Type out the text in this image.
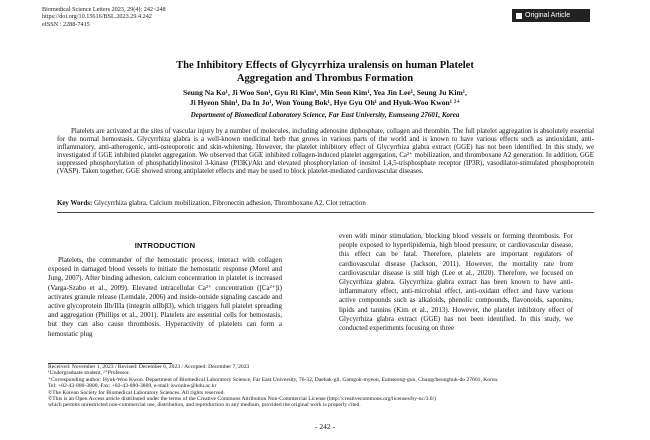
Biomedical Science Letters 2023, 29(4): 242~248
https://doi.org/10.15616/BSL.2023.29.4.242
eISSN : 2288-7415
Original Article
The Inhibitory Effects of Glycyrrhiza uralensis on human Platelet
Aggregation and Thrombus Formation
Seung Na Ko¹, Ji Woo Son¹, Gyu Ri Kim¹, Min Seon Kim¹, Yea Jin Lee¹, Seung Ju Kim¹,
Ji Hyeon Shin¹, Da In Jo¹, Won Young Bok¹, Hye Gyu Oh¹ and Hyuk-Woo Kwon¹ ²⁺
Department of Biomedical Laboratory Science, Far East University, Eumseong 27601, Korea

Platelets are activated at the sites of vascular injury by a number of molecules, including adenosine diphosphate, collagen and thrombin. The full platelet aggregation is absolutely essential for the normal hemostasis. Glycyrrhiza glabra is a well-known medicinal herb that grows in various parts of the world and is known to have various effects such as antioxidant, anti-inflammatory, anti-atherogenic, anti-osteoporotic and skin-whitening. However, the platelet inhibitory effect of Glycyrrhiza glabra extract (GGE) has not been identified. In this study, we investigated if GGE inhibited platelet aggregation. We observed that GGE inhibited collagen-induced platelet aggregation, Ca²⁺ mobilization, and thromboxane A2 generation. In addition, GGE suppressed phosphorylation of phosphatidylinositol 3-kinase (PI3K)/Akt and elevated phosphorylation of inositol 1,4,5-trisphosphate receptor (IP3R), vasodilator-stimulated phosphoprotein (VASP). Taken together, GGE showed strong antiplatelet effects and may be used to block platelet-mediated cardiovascular diseases.

Key Words: Glycyrrhiza glabra, Calcium mobilization, Fibronectin adhesion, Thromboxane A2, Clot retraction

INTRODUCTION

Platelets, the commander of the hemostatic process, interact with collagen exposed in damaged blood vessels to initiate the hemostatic response (Morel and Jung, 2007). After binding adhesion, calcium concentration in platelet is increased (Varga-Szabo et al., 2009). Elevated intracellular Ca²⁺ concentration ([Ca²⁺]i) activates granule release (Lemdale, 2006) and inside-outside signaling cascade and active glycoprotein IIb/IIIa (integrin αIIbβ3), which triggers full platelet spreading and aggregation (Phillips et al., 2001). Platelets are essential cells for hemostasis, but they can also cause thrombosis. Hyperactivity of platelets can form a hemostatic plug

even with minor stimulation, blocking blood vessels or forming thrombosis. For people exposed to hyperlipidemia, high blood pressure, or cardiovascular disease, this effect can be fatal. Therefore, platelets are important regulators of cardiovascular disease (Jackson, 2011). However, the mortality rate from cardiovascular disease is still high (Lee et al., 2020). Therefore, we focused on Glycyrrhiza glabra. Glycyrrhiza glabra extract has been known to have anti-inflammatory effect, anti-microbial effect, anti-oxidant effect and have various active compounds such as alkaloids, phenolic compounds, flavonoids, saponins, lipids and tannins (Kim et al., 2013). However, the platelet inhibitory effect of Glycyrrhiza glabra extract (GGE) has not been identified. In this study, we conducted experiments focusing on three

Received: November 1, 2023 / Revised: December 6, 2023 / Accepted: December 7, 2023
¹Undergraduate student, ²⁺Professor.
⁺Corresponding author: Hyuk-Woo Kwon. Department of Biomedical Laboratory Science, Far East University, 76-32, Daehak-gil, Gamgok-myeon, Eumseong-gun, Chungcheongbuk-do 27601, Korea.
Tel: +82-43-880-3800, Fax: +82-43-880-3809, e-mail: kwonhw@kdu.ac.kr
©The Korean Society for Biomedical Laboratory Sciences. All rights reserved.
©This is an Open Access article distributed under the terms of the Creative Commons Attribution Non-Commercial License (http://creativecommons.org/licenses/by-nc/3.0/)
which permits unrestricted non-commercial use, distribution, and reproduction in any medium, provided the original work is properly cited.
- 242 -
